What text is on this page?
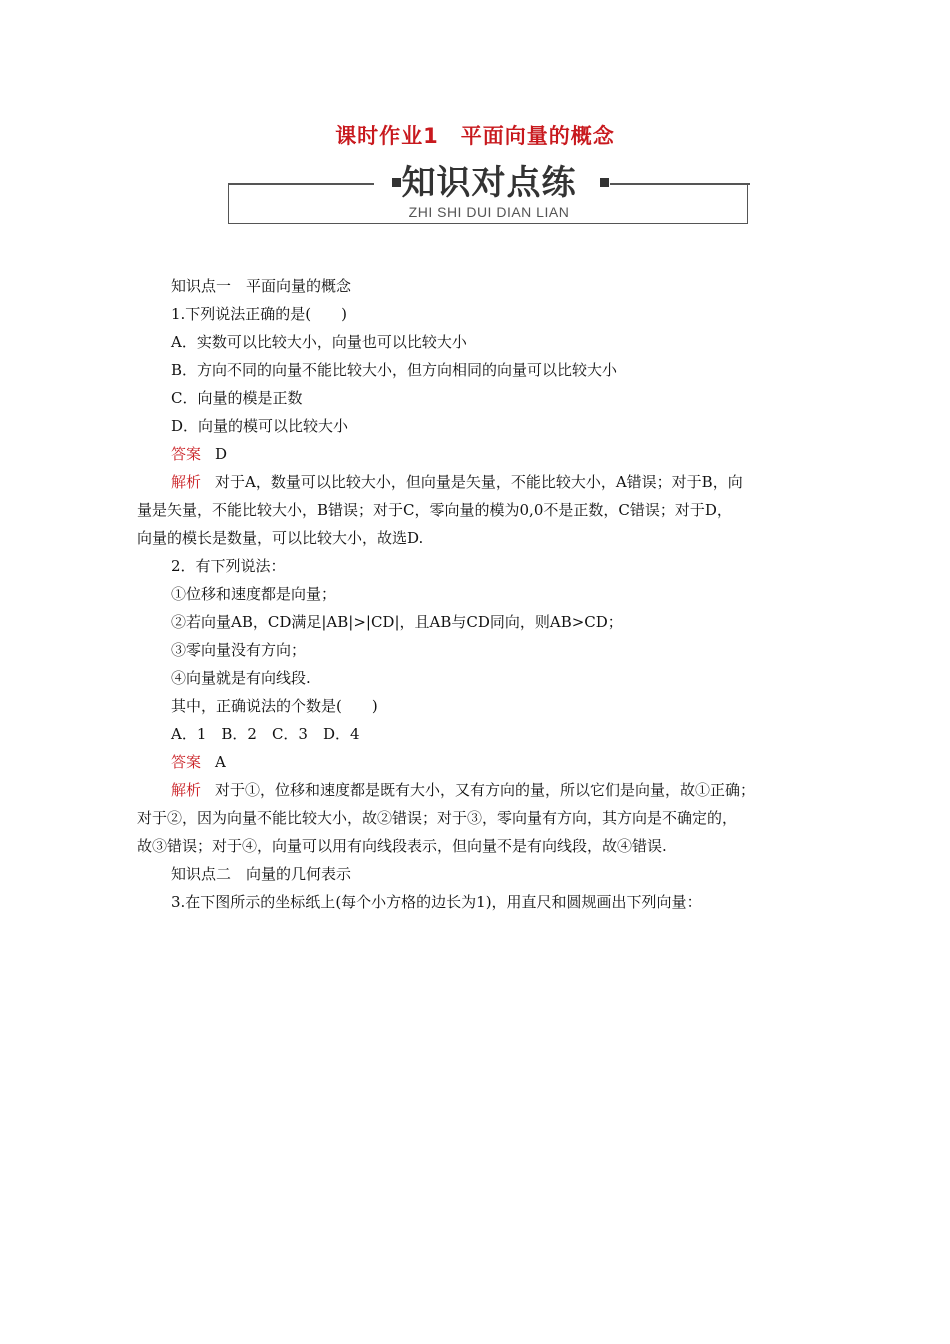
课时作业1　平面向量的概念
知识对点练
ZHI SHI DUI DIAN LIAN

知识点一　平面向量的概念

1.下列说法正确的是(　　)

A．实数可以比较大小，向量也可以比较大小

B．方向不同的向量不能比较大小，但方向相同的向量可以比较大小

C．向量的模是正数

D．向量的模可以比较大小

答案 D

解析 对于A，数量可以比较大小，但向量是矢量，不能比较大小，A错误；对于B，向

量是矢量，不能比较大小，B错误；对于C，零向量的模为0,0不是正数，C错误；对于D，

向量的模长是数量，可以比较大小，故选D.

2．有下列说法：

①位移和速度都是向量；

②若向量AB，CD满足|AB|>|CD|，且AB与CD同向，则AB>CD；

③零向量没有方向；

④向量就是有向线段.

其中，正确说法的个数是(　　)

A．1　B．2　C．3　D．4

答案 A

解析 对于①，位移和速度都是既有大小，又有方向的量，所以它们是向量，故①正确；

对于②，因为向量不能比较大小，故②错误；对于③，零向量有方向，其方向是不确定的，

故③错误；对于④，向量可以用有向线段表示，但向量不是有向线段，故④错误.

知识点二　向量的几何表示

3.在下图所示的坐标纸上(每个小方格的边长为1)，用直尺和圆规画出下列向量：
